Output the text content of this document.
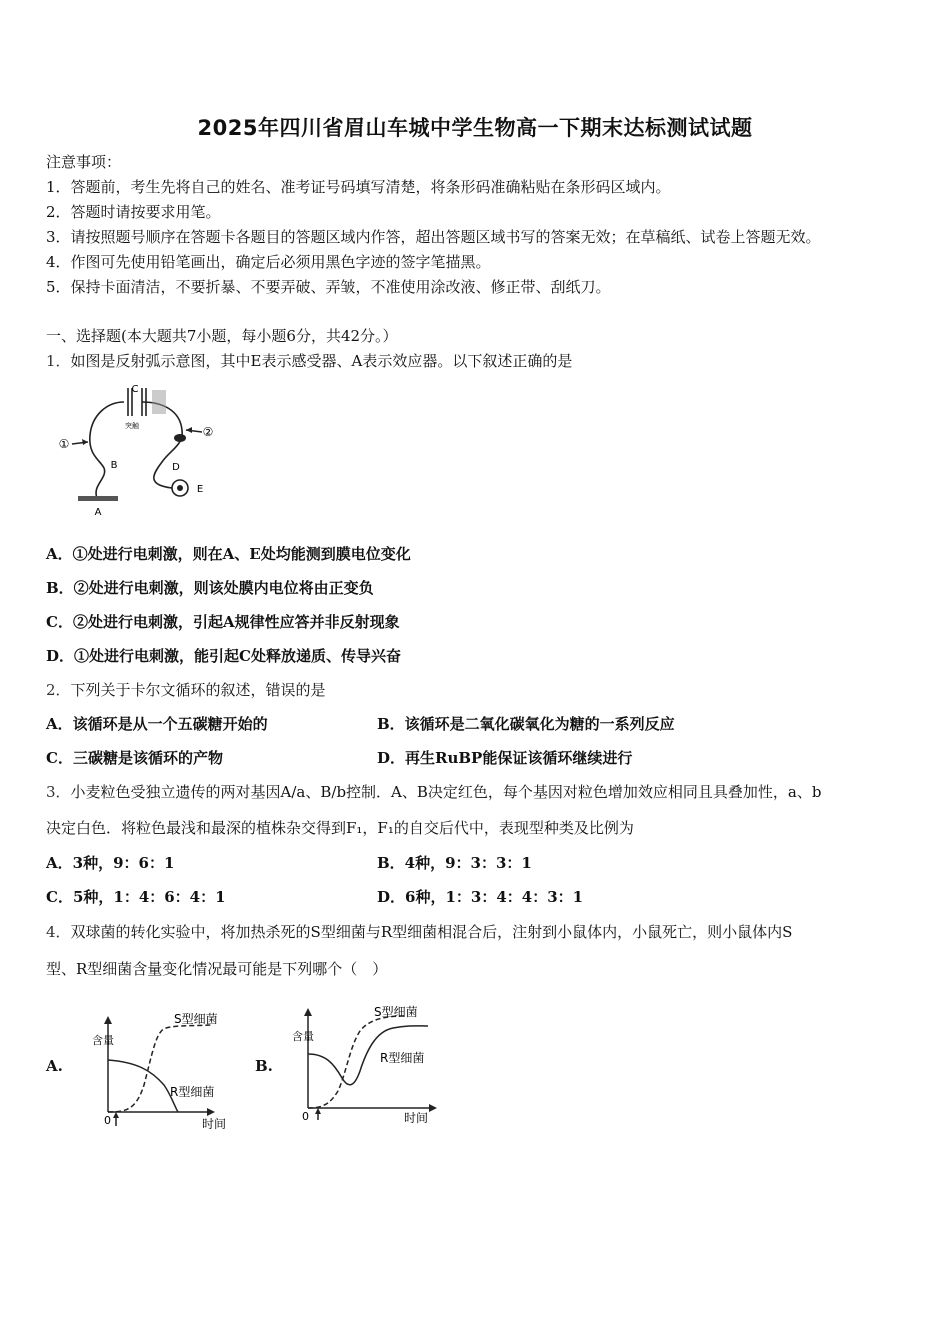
2025年四川省眉山车城中学生物高一下期末达标测试试题
注意事项：
1．答题前，考生先将自己的姓名、准考证号码填写清楚，将条形码准确粘贴在条形码区域内。
2．答题时请按要求用笔。
3．请按照题号顺序在答题卡各题目的答题区域内作答，超出答题区域书写的答案无效；在草稿纸、试卷上答题无效。
4．作图可先使用铅笔画出，确定后必须用黑色字迹的签字笔描黑。
5．保持卡面清洁，不要折暴、不要弄破、弄皱，不准使用涂改液、修正带、刮纸刀。
一、选择题(本大题共7小题，每小题6分，共42分。）
1．如图是反射弧示意图，其中E表示感受器、A表示效应器。以下叙述正确的是
C
突触
①
②
A
B	D
E
A．①处进行电刺激，则在A、E处均能测到膜电位变化
B．②处进行电刺激，则该处膜内电位将由正变负
C．②处进行电刺激，引起A规律性应答并非反射现象
D．①处进行电刺激，能引起C处释放递质、传导兴奋
2．下列关于卡尔文循环的叙述，错误的是
A．该循环是从一个五碳糖开始的	B．该循环是二氧化碳氧化为糖的一系列反应
C．三碳糖是该循环的产物	D．再生RuBP能保证该循环继续进行
3．小麦粒色受独立遗传的两对基因A/a、B/b控制．A、B决定红色，每个基因对粒色增加效应相同且具叠加性，a、b
决定白色．将粒色最浅和最深的植株杂交得到F₁，F₁的自交后代中，表现型种类及比例为
A．3种，9：6：1	B．4种，9：3：3：1
C．5种，1：4：6：4：1	D．6种，1：3：4：4：3：1
4．双球菌的转化实验中，将加热杀死的S型细菌与R型细菌相混合后，注射到小鼠体内，小鼠死亡，则小鼠体内S
型、R型细菌含量变化情况最可能是下列哪个（　）
A.
含量
S型细菌
R型细菌
0	时间
B.
含量
S型细菌
R型细菌
0	时间
